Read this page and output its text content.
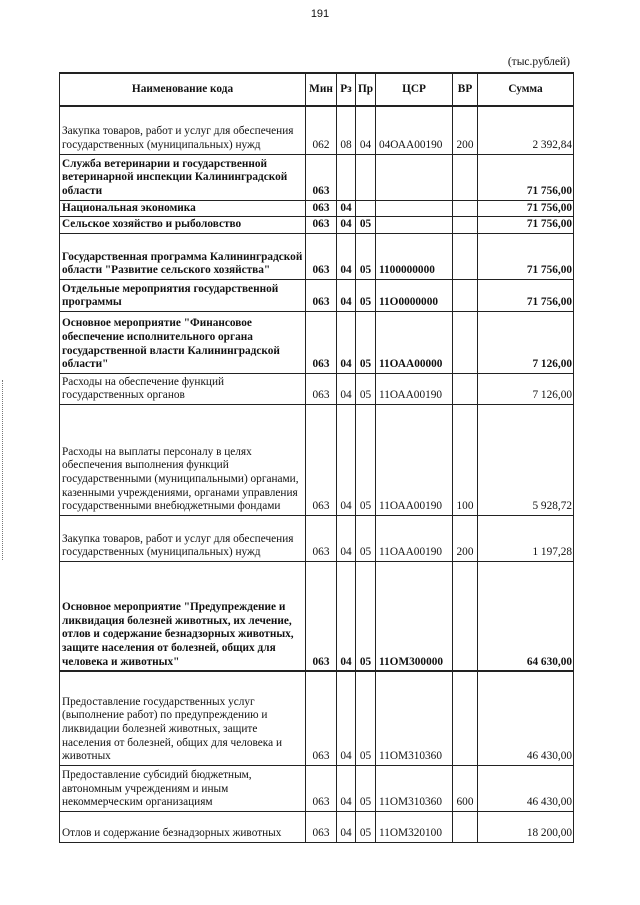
191
(тыс.рублей)
Наименование кода	Мин	Рз	Пр	ЦСР	ВР	Сумма
Закупка товаров, работ и услуг для обеспечения государственных (муниципальных) нужд	062	08	04	04ОАА00190	200	2 392,84
Служба ветеринарии и государственной ветеринарной инспекции Калининградской области	063					71 756,00
Национальная экономика	063	04				71 756,00
Сельское хозяйство и рыболовство	063	04	05			71 756,00
Государственная программа Калининградской области "Развитие сельского хозяйства"	063	04	05	1100000000		71 756,00
Отдельные мероприятия государственной программы	063	04	05	11О0000000		71 756,00
Основное мероприятие "Финансовое обеспечение исполнительного органа государственной власти Калининградской области"	063	04	05	11ОАА00000		7 126,00
Расходы на обеспечение функций государственных органов	063	04	05	11ОАА00190		7 126,00
Расходы на выплаты персоналу в целях обеспечения выполнения функций государственными (муниципальными) органами, казенными учреждениями, органами управления государственными внебюджетными фондами	063	04	05	11ОАА00190	100	5 928,72
Закупка товаров, работ и услуг для обеспечения государственных (муниципальных) нужд	063	04	05	11ОАА00190	200	1 197,28
Основное мероприятие "Предупреждение и ликвидация болезней животных, их лечение, отлов и содержание безнадзорных животных, защите населения от болезней, общих для человека и животных"	063	04	05	11ОМ300000		64 630,00
Предоставление государственных услуг (выполнение работ) по предупреждению и ликвидации болезней животных, защите населения от болезней, общих для человека и животных	063	04	05	11ОМ310360		46 430,00
Предоставление субсидий бюджетным, автономным учреждениям и иным некоммерческим организациям	063	04	05	11ОМ310360	600	46 430,00
Отлов и содержание безнадзорных животных	063	04	05	11ОМ320100		18 200,00
